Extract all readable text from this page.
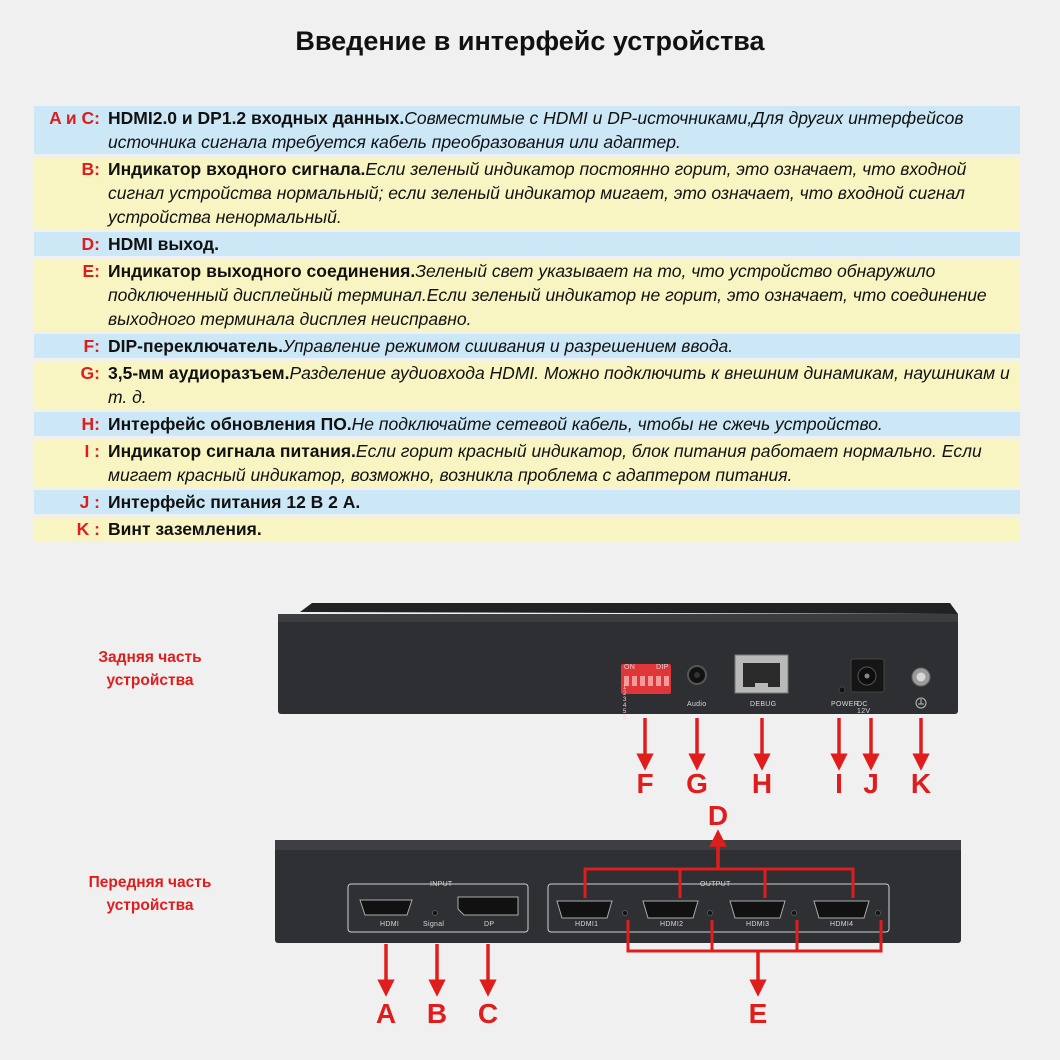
Введение в интерфейс устройства
A и C: HDMI2.0 и DP1.2 входных данных.Совместимые с HDMI и DP-источниками,Для других интерфейсов источника сигнала требуется кабель преобразования или адаптер.
B: Индикатор входного сигнала.Если зеленый индикатор постоянно горит, это означает, что входной сигнал устройства нормальный; если зеленый индикатор мигает, это означает, что входной сигнал устройства ненормальный.
D: HDMI выход.
E: Индикатор выходного соединения.Зеленый свет указывает на то, что устройство обнаружило подключенный дисплейный терминал.Если зеленый индикатор не горит, это означает, что соединение выходного терминала дисплея неисправно.
F: DIP-переключатель.Управление режимом сшивания и разрешением ввода.
G: 3,5-мм аудиоразъем.Разделение аудиовхода HDMI. Можно подключить к внешним динамикам, наушникам и т. д.
H: Интерфейс обновления ПО.Не подключайте сетевой кабель, чтобы не сжечь устройство.
I : Индикатор сигнала питания.Если горит красный индикатор, блок питания работает нормально. Если мигает красный индикатор, возможно, возникла проблема с адаптером питания.
J : Интерфейс питания 12 В 2 А.
K : Винт заземления.
Задняя часть устройства
Передняя часть устройства
ON	DIP
1 2 3 4 5 6
Audio	DEBUG	POWER
DC 12V
INPUT	OUTPUT
HDMI	Signal	DP	HDMI1	HDMI2	HDMI3	HDMI4
F	G	H	I J	K
A	B	C
D
E
